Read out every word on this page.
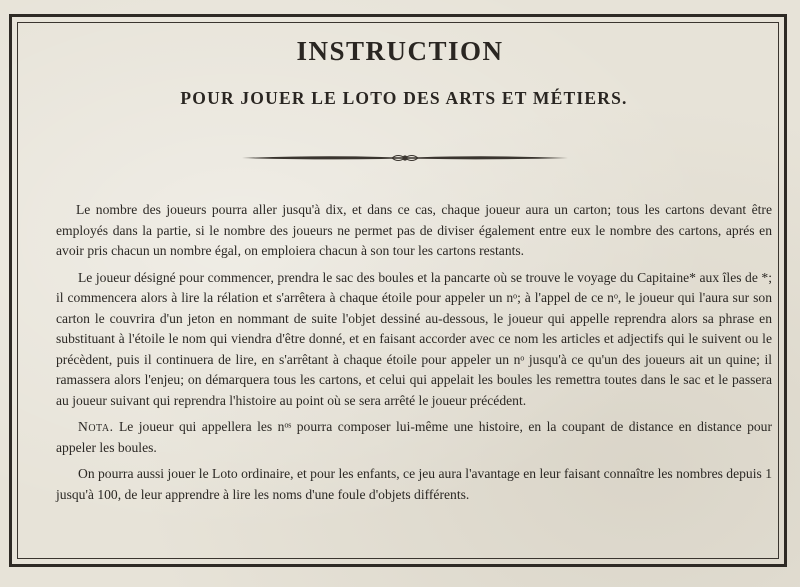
INSTRUCTION
POUR JOUER LE LOTO DES ARTS ET MÉTIERS.

Le nombre des joueurs pourra aller jusqu'à dix, et dans ce cas, chaque joueur aura un carton; tous les cartons devant être employés dans la partie, si le nombre des joueurs ne permet pas de diviser également entre eux le nombre des cartons, aprés en avoir pris chacun un nombre égal, on emploiera chacun à son tour les cartons restants.

Le joueur désigné pour commencer, prendra le sac des boules et la pancarte où se trouve le voyage du Capitaine* aux îles de *; il commencera alors à lire la rélation et s'arrêtera à chaque étoile pour appeler un nᵒ; à l'appel de ce nᵒ, le joueur qui l'aura sur son carton le couvrira d'un jeton en nommant de suite l'objet dessiné au-dessous, le joueur qui appelle reprendra alors sa phrase en substituant à l'étoile le nom qui viendra d'être donné, et en faisant accorder avec ce nom les articles et adjectifs qui le suivent ou le précèdent, puis il continuera de lire, en s'arrêtant à chaque étoile pour appeler un nᵒ jusqu'à ce qu'un des joueurs ait un quine; il ramassera alors l'enjeu; on démarquera tous les cartons, et celui qui appelait les boules les remettra toutes dans le sac et le passera au joueur suivant qui reprendra l'histoire au point où se sera arrêté le joueur précédent.

Nota. Le joueur qui appellera les nᵒˢ pourra composer lui-même une histoire, en la coupant de distance en distance pour appeler les boules.

On pourra aussi jouer le Loto ordinaire, et pour les enfants, ce jeu aura l'avantage en leur faisant connaître les nombres depuis 1 jusqu'à 100, de leur apprendre à lire les noms d'une foule d'objets différents.
